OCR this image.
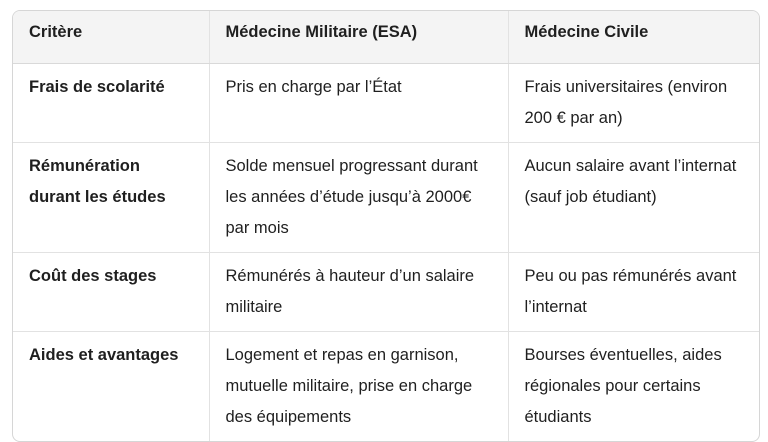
Critère	Médecine Militaire (ESA)	Médecine Civile
Frais de scolarité	Pris en charge par l’État	Frais universitaires (environ 200 € par an)
Rémunération durant les études	Solde mensuel progressant durant les années d’étude jusqu’à 2000€ par mois	Aucun salaire avant l’internat (sauf job étudiant)
Coût des stages	Rémunérés à hauteur d’un salaire militaire	Peu ou pas rémunérés avant l’internat
Aides et avantages	Logement et repas en garnison, mutuelle militaire, prise en charge des équipements	Bourses éventuelles, aides régionales pour certains étudiants
